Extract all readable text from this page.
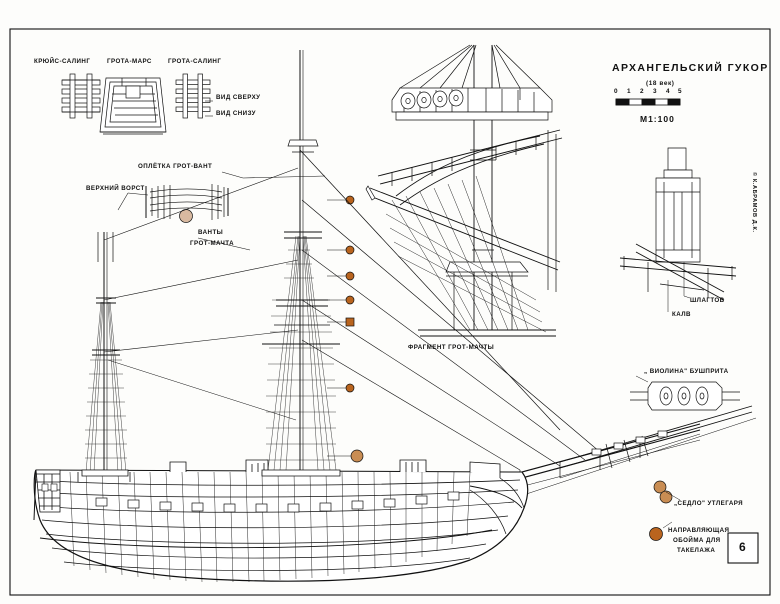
КРЮЙС-САЛИНГ	ГРОТА-МАРС	ГРОТА-САЛИНГ
ВИД СВЕРХУ
ВИД СНИЗУ
ОПЛЁТКА ГРОТ-ВАНТ
ВЕРХНИЙ ВОРСТ
ВАНТЫ
ГРОТ-МАЧТА
ФРАГМЕНТ ГРОТ-МАЧТЫ
ШЛАГТОВ
КАЛВ
„ ВИОЛИНА" БУШПРИТА
„СЕДЛО" УТЛЕГАРЯ
НАПРАВЛЯЮЩАЯ
ОБОЙМА ДЛЯ
ТАКЕЛАЖА
АРХАНГЕЛЬСКИЙ ГУКОР
(18 век)
0 1 2 3 4 5
М1:100
© К.АБРАМОВ Д.К.
6
